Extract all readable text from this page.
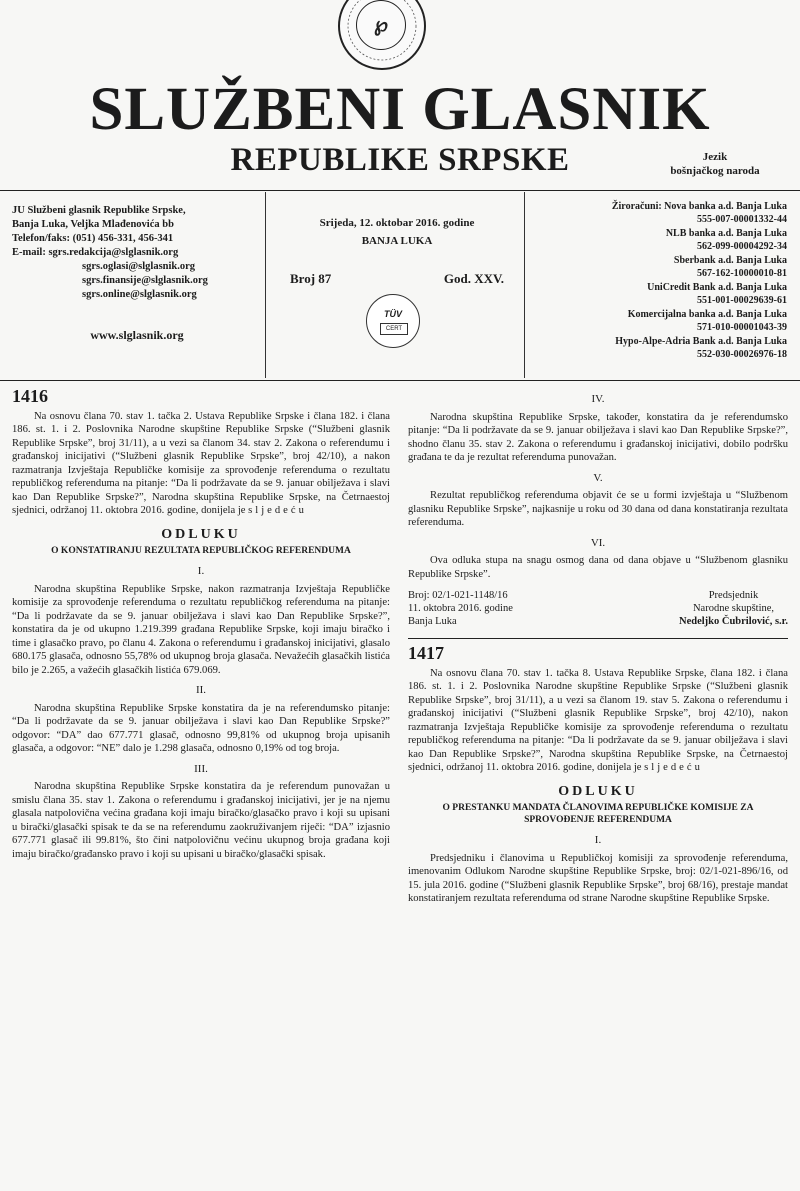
℘
SLUŽBENI GLASNIK
REPUBLIKE SRPSKE	Jezik
bošnjačkog naroda
JU Službeni glasnik Republike Srpske,
Banja Luka, Veljka Mlađenovića bb
Telefon/faks: (051) 456-331, 456-341
E-mail: sgrs.redakcija@slglasnik.org
sgrs.oglasi@slglasnik.org
sgrs.finansije@slglasnik.org
sgrs.online@slglasnik.org
www.slglasnik.org
Srijeda, 12. oktobar 2016. godine
BANJA LUKA
Broj 87	God. XXV.
TÜV
CERT
Žiroračuni: Nova banka a.d. Banja Luka
555-007-00001332-44
NLB banka a.d. Banja Luka
562-099-00004292-34
Sberbank a.d. Banja Luka
567-162-10000010-81
UniCredit Bank a.d. Banja Luka
551-001-00029639-61
Komercijalna banka a.d. Banja Luka
571-010-00001043-39
Hypo-Alpe-Adria Bank a.d. Banja Luka
552-030-00026976-18
1416

Na osnovu člana 70. stav 1. tačka 2. Ustava Republike Srpske i člana 182. i člana 186. st. 1. i 2. Poslovnika Narodne skupštine Republike Srpske (“Službeni glasnik Republike Srpske”, broj 31/11), a u vezi sa članom 34. stav 2. Zakona o referendumu i građanskoj inicijativi (“Službeni glasnik Republike Srpske”, broj 42/10), a nakon razmatranja Izvještaja Republičke komisije za sprovođenje referenduma o rezultatu republičkog referenduma na pitanje: “Da li podržavate da se 9. januar obilježava i slavi kao Dan Republike Srpske?”, Narodna skupština Republike Srpske, na Četrnaestoj sjednici, održanoj 11. oktobra 2016. godine, donijela je sljedeću

ODLUKU
O KONSTATIRANJU REZULTATA REPUBLIČKOG REFERENDUMA
I.

Narodna skupština Republike Srpske, nakon razmatranja Izvještaja Republičke komisije za sprovođenje referenduma o rezultatu republičkog referenduma na pitanje: “Da li podržavate da se 9. januar obilježava i slavi kao Dan Republike Srpske?”, konstatira da je od ukupno 1.219.399 građana Republike Srpske, koji imaju biračko i time i glasačko pravo, po članu 4. Zakona o referendumu i građanskoj inicijativi, glasalo 680.175 glasača, odnosno 55,78% od ukupnog broja glasača. Nevažećih glasačkih listića bilo je 2.265, a važećih glasačkih listića 679.069.

II.

Narodna skupština Republike Srpske konstatira da je na referendumsko pitanje: “Da li podržavate da se 9. januar obilježava i slavi kao Dan Republike Srpske?” odgovor: “DA” dao 677.771 glasač, odnosno 99,81% od ukupnog broja upisanih glasača, a odgovor: “NE” dalo je 1.298 glasača, odnosno 0,19% od tog broja.

III.

Narodna skupština Republike Srpske konstatira da je referendum punovažan u smislu člana 35. stav 1. Zakona o referendumu i građanskoj inicijativi, jer je na njemu glasala natpolovična većina građana koji imaju biračko/glasačko pravo i koji su upisani u birački/glasački spisak te da se na referendumu zaokruživanjem riječi: “DA” izjasnio 677.771 glasač ili 99.81%, što čini natpolovičnu većinu ukupnog broja građana koji imaju biračko/građansko pravo i koji su upisani u biračko/glasački spisak.

IV.

Narodna skupština Republike Srpske, također, konstatira da je referendumsko pitanje: “Da li podržavate da se 9. januar obilježava i slavi kao Dan Republike Srpske?”, shodno članu 35. stav 2. Zakona o referendumu i građanskoj inicijativi, dobilo podršku građana te da je rezultat referenduma punovažan.

V.

Rezultat republičkog referenduma objavit će se u formi izvještaja u “Službenom glasniku Republike Srpske”, najkasnije u roku od 30 dana od dana konstatiranja rezultata referenduma.

VI.

Ova odluka stupa na snagu osmog dana od dana objave u “Službenom glasniku Republike Srpske”.

Broj: 02/1-021-1148/16
11. oktobra 2016. godine
Banja Luka
Predsjednik
Narodne skupštine,
Nedeljko Čubrilović, s.r.
1417

Na osnovu člana 70. stav 1. tačka 8. Ustava Republike Srpske, člana 182. i člana 186. st. 1. i 2. Poslovnika Narodne skupštine Republike Srpske (“Službeni glasnik Republike Srpske”, broj 31/11), a u vezi sa članom 19. stav 5. Zakona o referendumu i građanskoj inicijativi (“Službeni glasnik Republike Srpske”, broj 42/10), nakon razmatranja Izvještaja Republičke komisije za sprovođenje referenduma o rezultatu republičkog referenduma na pitanje: “Da li podržavate da se 9. januar obilježava i slavi kao Dan Republike Srpske?”, Narodna skupština Republike Srpske, na Četrnaestoj sjednici, održanoj 11. oktobra 2016. godine, donijela je sljedeću

ODLUKU
O PRESTANKU MANDATA ČLANOVIMA REPUBLIČKE KOMISIJE ZA SPROVOĐENJE REFERENDUMA
I.

Predsjedniku i članovima u Republičkoj komisiji za sprovođenje referenduma, imenovanim Odlukom Narodne skupštine Republike Srpske, broj: 02/1-021-896/16, od 15. jula 2016. godine (“Službeni glasnik Republike Srpske”, broj 68/16), prestaje mandat konstatiranjem rezultata referenduma od strane Narodne skupštine Republike Srpske.
